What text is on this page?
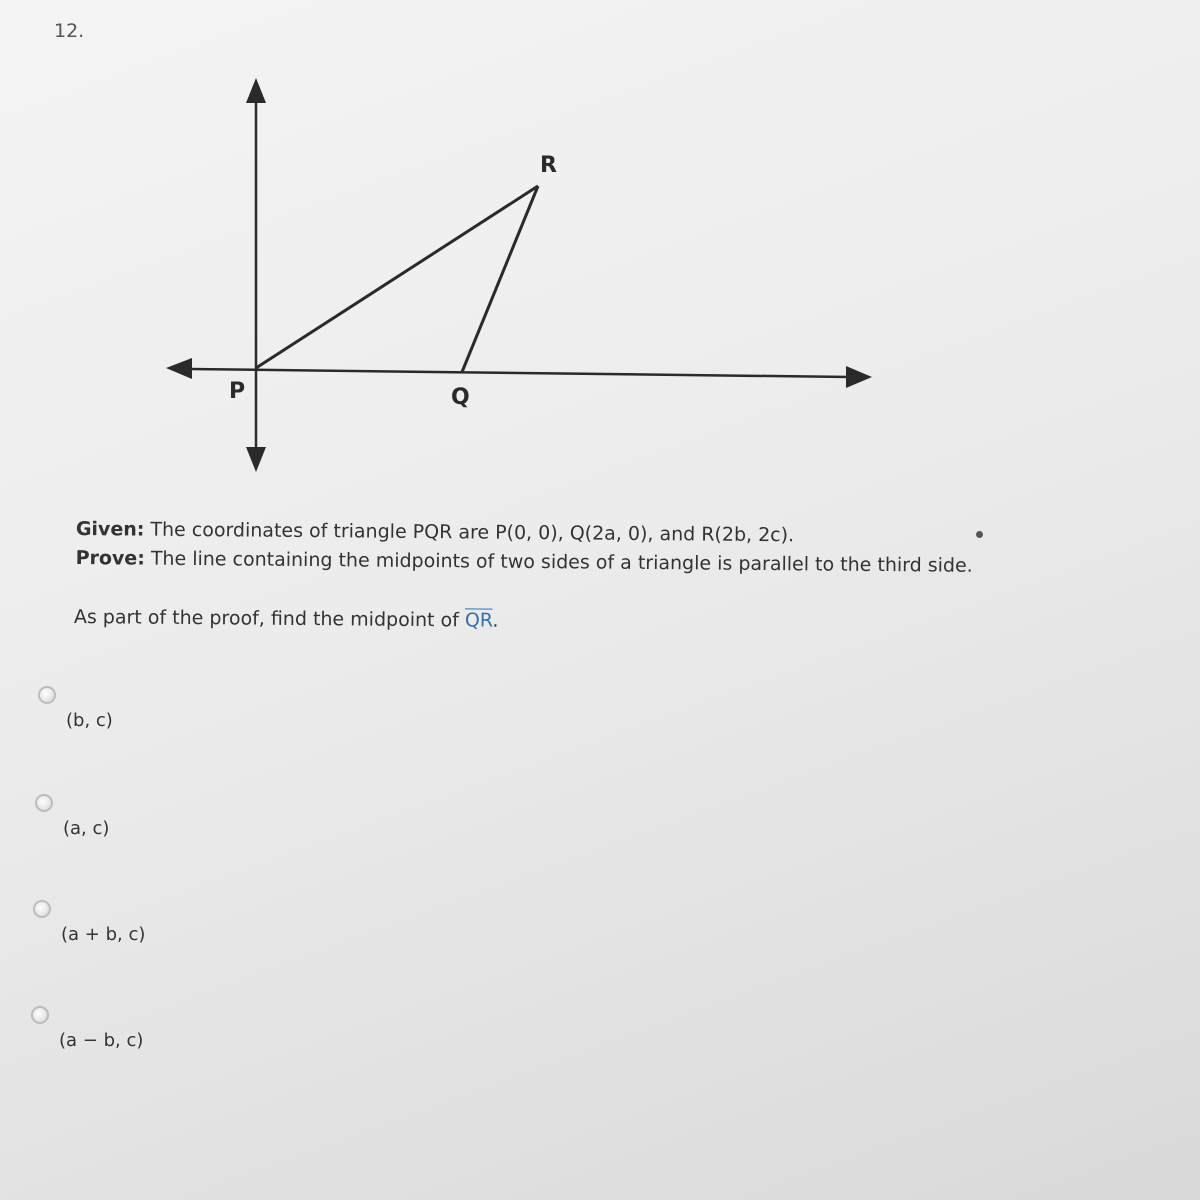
12.
R
P	Q
Given: The coordinates of triangle PQR are P(0, 0), Q(2a, 0), and R(2b, 2c).
Prove: The line containing the midpoints of two sides of a triangle is parallel to the third side.
As part of the proof, find the midpoint of $\overline{QR}$.
(b, c)
(a, c)
(a + b, c)
(a − b, c)
